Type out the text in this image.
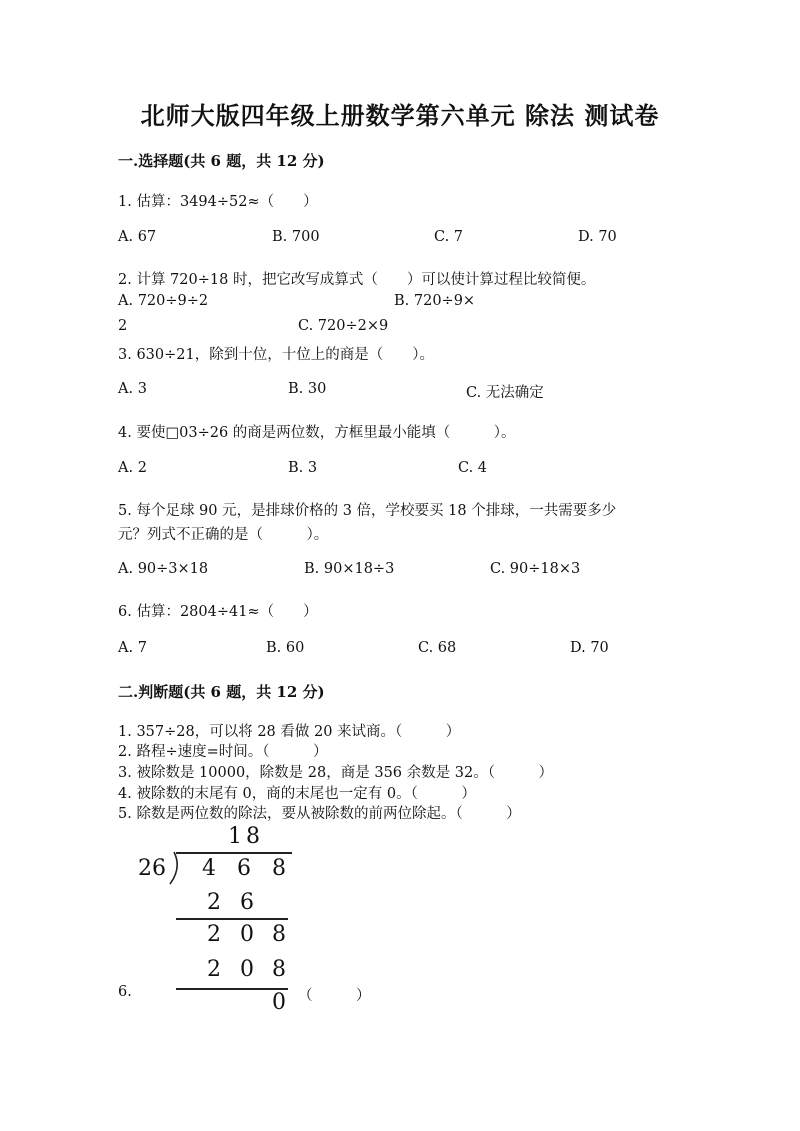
北师大版四年级上册数学第六单元 除法 测试卷
一.选择题(共 6 题，共 12 分)
1. 估算：3494÷52≈（　　）
A. 67	B. 700	C. 7	D. 70
2. 计算 720÷18 时，把它改写成算式（　　）可以使计算过程比较简便。
A. 720÷9÷2	B. 720÷9×
2	C. 720÷2×9
3. 630÷21，除到十位，十位上的商是（　　）。
A. 3	B. 30	C. 无法确定
4. 要使□03÷26 的商是两位数，方框里最小能填（　　　）。
A. 2	B. 3	C. 4
5. 每个足球 90 元，是排球价格的 3 倍，学校要买 18 个排球，一共需要多少
元？列式不正确的是（　　　）。
A. 90÷3×18	B. 90×18÷3	C. 90÷18×3
6. 估算：2804÷41≈（　　）
A. 7	B. 60	C. 68	D. 70
二.判断题(共 6 题，共 12 分)
1. 357÷28，可以将 28 看做 20 来试商。（　　　）
2. 路程÷速度=时间。（　　　）
3. 被除数是 10000，除数是 28，商是 356 余数是 32。（　　　）
4. 被除数的末尾有 0，商的末尾也一定有 0。（　　　）
5. 除数是两位数的除法，要从被除数的前两位除起。（　　　）
1 8
26 4 6 8
2 6
2 0 8
2 0 8
0
6.	（　　　）
